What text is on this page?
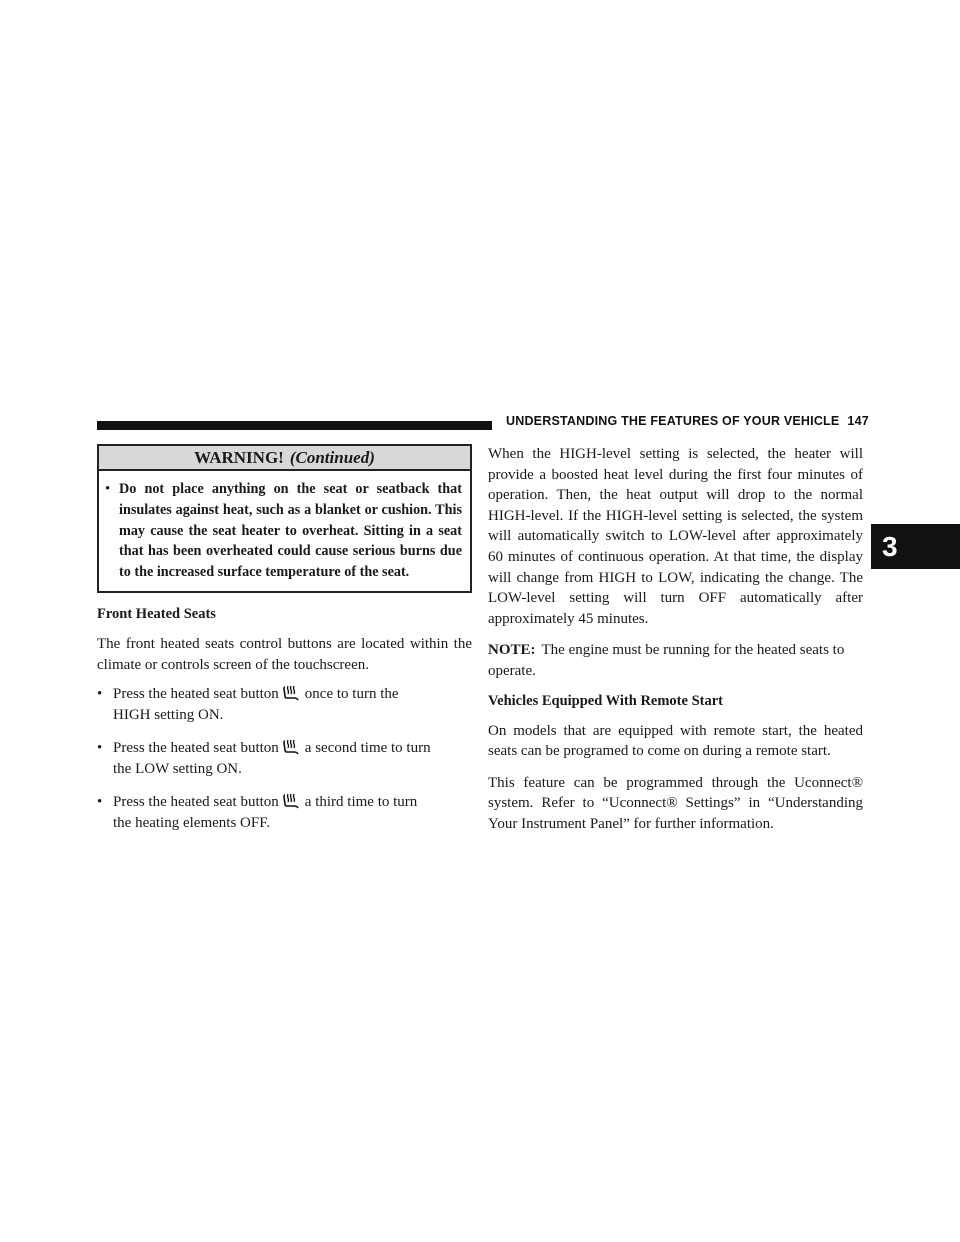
UNDERSTANDING THE FEATURES OF YOUR VEHICLE 147
3
WARNING! (Continued)
• Do not place anything on the seat or seatback that insulates against heat, such as a blanket or cushion. This may cause the seat heater to overheat. Sitting in a seat that has been overheated could cause serious burns due to the increased surface temperature of the seat.
Front Heated Seats
The front heated seats control buttons are located within the climate or controls screen of the touchscreen.
• Press the heated seat button once to turn the
HIGH setting ON.
• Press the heated seat button a second time to turn
the LOW setting ON.
• Press the heated seat button a third time to turn
the heating elements OFF.
When the HIGH-level setting is selected, the heater will provide a boosted heat level during the first four minutes of operation. Then, the heat output will drop to the normal HIGH-level. If the HIGH-level setting is selected, the system will automatically switch to LOW-level after approximately 60 minutes of continuous operation. At that time, the display will change from HIGH to LOW, indicating the change. The LOW-level setting will turn OFF automatically after approximately 45 minutes.
NOTE: The engine must be running for the heated seats to operate.
Vehicles Equipped With Remote Start
On models that are equipped with remote start, the heated seats can be programed to come on during a remote start.
This feature can be programmed through the Uconnect® system. Refer to “Uconnect® Settings” in “Understanding Your Instrument Panel” for further information.
